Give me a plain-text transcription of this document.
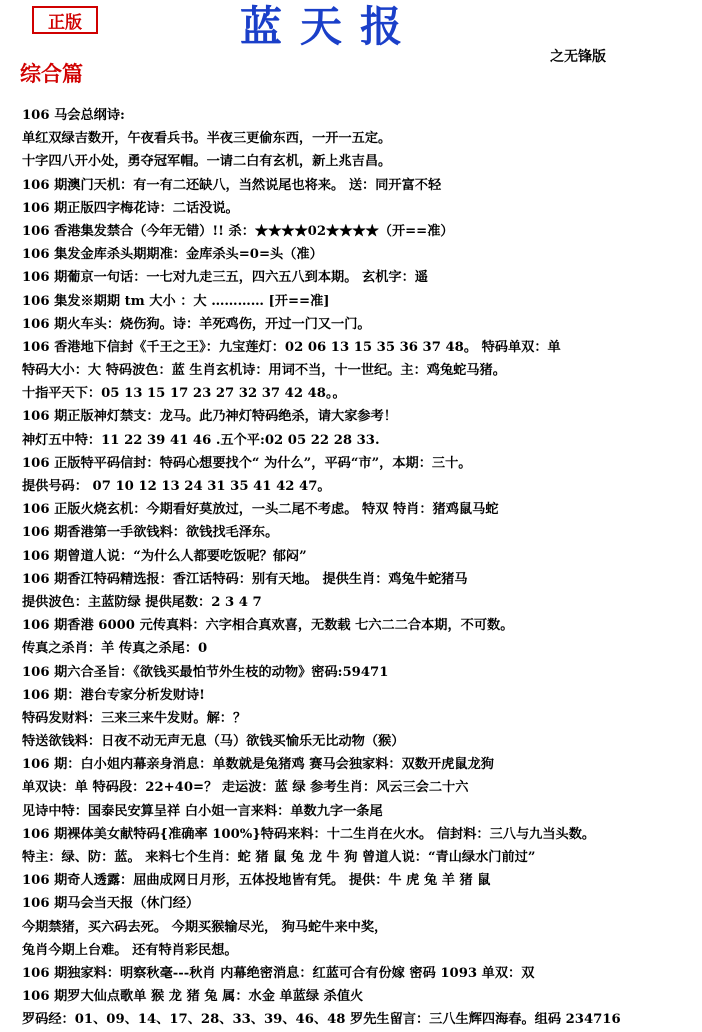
正版	蓝天报
之无锋版
综合篇
106 马会总纲诗:
单红双绿吉数开，午夜看兵书。半夜三更偷东西，一开一五定。
十字四八开小处，勇夺冠军帽。一请二白有玄机，新上兆吉昌。
106 期澳门天机：有一有二还缺八，当然说尾也将来。 送：同开富不轻
106 期正版四字梅花诗：二话没说。
106 香港集发禁合（今年无错）!! 杀：★★★★02★★★★（开==准）
106 集发金库杀头期期准：金库杀头=0=头（准）
106 期葡京一句话：一七对九走三五，四六五八到本期。 玄机字：遥
106 集发※期期 tm 大小 ：大 ………… [开==准]
106 期火车头：烧伤狗。诗：羊死鸡伤，开过一门又一门。
106 香港地下信封《千王之王》：九宝莲灯：02 06 13 15 35 36 37 48。 特码单双：单
特码大小：大 特码波色：蓝 生肖玄机诗：用词不当，十一世纪。主：鸡兔蛇马猪。
十指平天下：05 13 15 17 23 27 32 37 42 48。。
106 期正版神灯禁支：龙马。此乃神灯特码绝杀，请大家参考！
神灯五中特：11 22 39 41 46 .五个平:02 05 22 28 33.
106 正版特平码信封：特码心想要找个“ 为什么”，平码“市”，本期：三十。
提供号码： 07 10 12 13 24 31 35 41 42 47。
106 正版火烧玄机：今期看好莫放过，一头二尾不考虑。 特双 特肖：猪鸡鼠马蛇
106 期香港第一手欲钱料：欲钱找毛泽东。
106 期曾道人说：“为什么人都要吃饭呢？郁闷”
106 期香江特码精选报：香江话特码：别有天地。 提供生肖：鸡兔牛蛇猪马
提供波色：主蓝防绿 提供尾数：2 3 4 7
106 期香港 6000 元传真料：六字相合真欢喜，无数载 七六二二合本期，不可数。
传真之杀肖：羊 传真之杀尾：0
106 期六合圣旨：《欲钱买最怕节外生枝的动物》密码:59471
106 期：港台专家分析发财诗!
特码发财料：三来三来牛发财。解：？
特送欲钱料：日夜不动无声无息（马）欲钱买愉乐无比动物（猴）
106 期：白小姐内幕亲身消息：单数就是兔猪鸡 赛马会独家料：双数开虎鼠龙狗
单双诀：单 特码段：22+40=？ 走运波：蓝 绿 参考生肖：风云三会二十六
见诗中特：国泰民安算呈祥 白小姐一言来料：单数九字一条尾
106 期裸体美女献特码{准确率 100%}特码来料：十二生肖在火水。 信封料：三八与九当头数。
特主：绿、防：蓝。 来料七个生肖：蛇 猪 鼠 兔 龙 牛 狗 曾道人说：“青山绿水门前过”
106 期奇人透露：屈曲成网日月形，五体投地皆有凭。 提供：牛 虎 兔 羊 猪 鼠
106 期马会当天报（休门经）
今期禁猪，买六码去死。 今期买猴输尽光， 狗马蛇牛来中奖，
兔肖今期上台难。 还有特肖彩民想。
106 期独家料：明察秋毫---秋肖 内幕绝密消息：红蓝可合有份嫁 密码 1093 单双：双
106 期罗大仙点歌单 猴 龙 猪 兔 属：水金 单蓝绿 杀值火
罗码经：01、09、14、17、28、33、39、46、48 罗先生留言：三八生辉四海春。组码 234716
